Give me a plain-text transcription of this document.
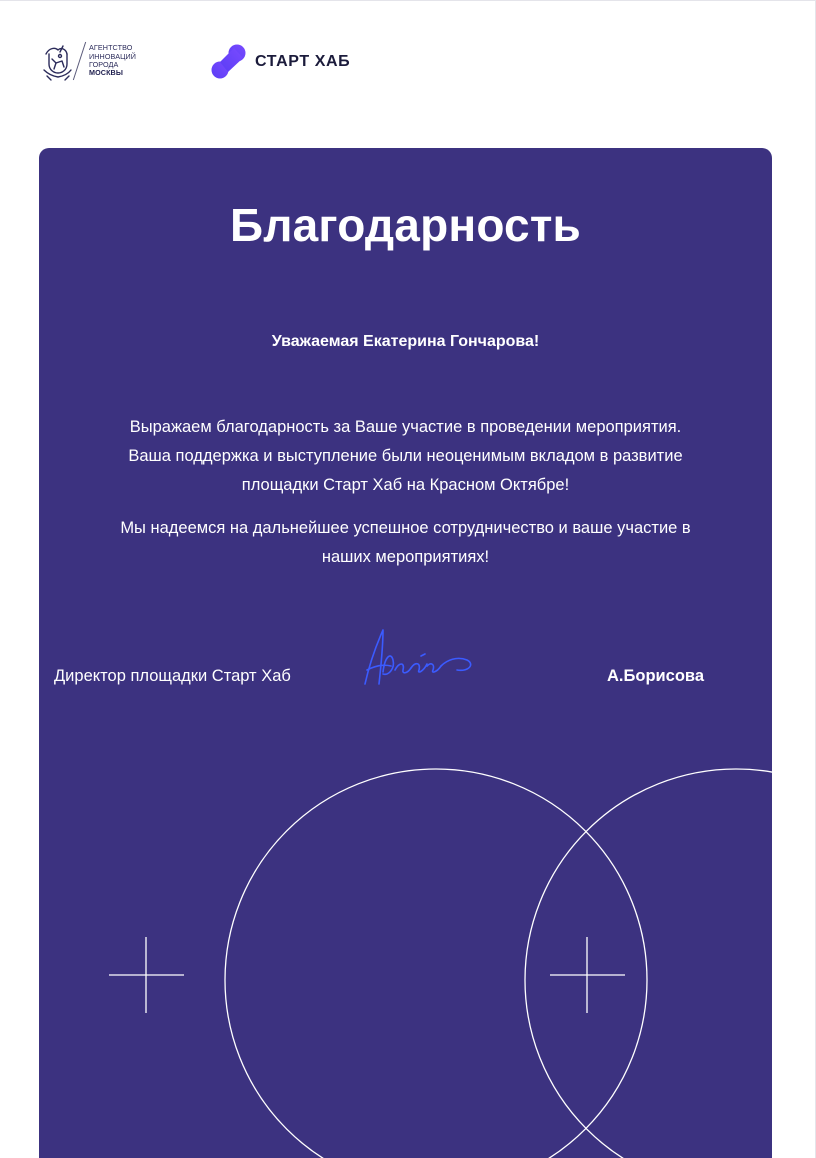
АГЕНТСТВО
ИННОВАЦИЙ
ГОРОДА
МОСКВЫ
СТАРТ ХАБ
Благодарность
Уважаемая Екатерина Гончарова!

Выражаем благодарность за Ваше участие в проведении мероприятия. Ваша поддержка и выступление были неоценимым вкладом в развитие площадки Старт Хаб на Красном Октябре!

Мы надеемся на дальнейшее успешное сотрудничество и ваше участие в наших мероприятиях!

Директор площадки Старт Хаб	А.Борисова
